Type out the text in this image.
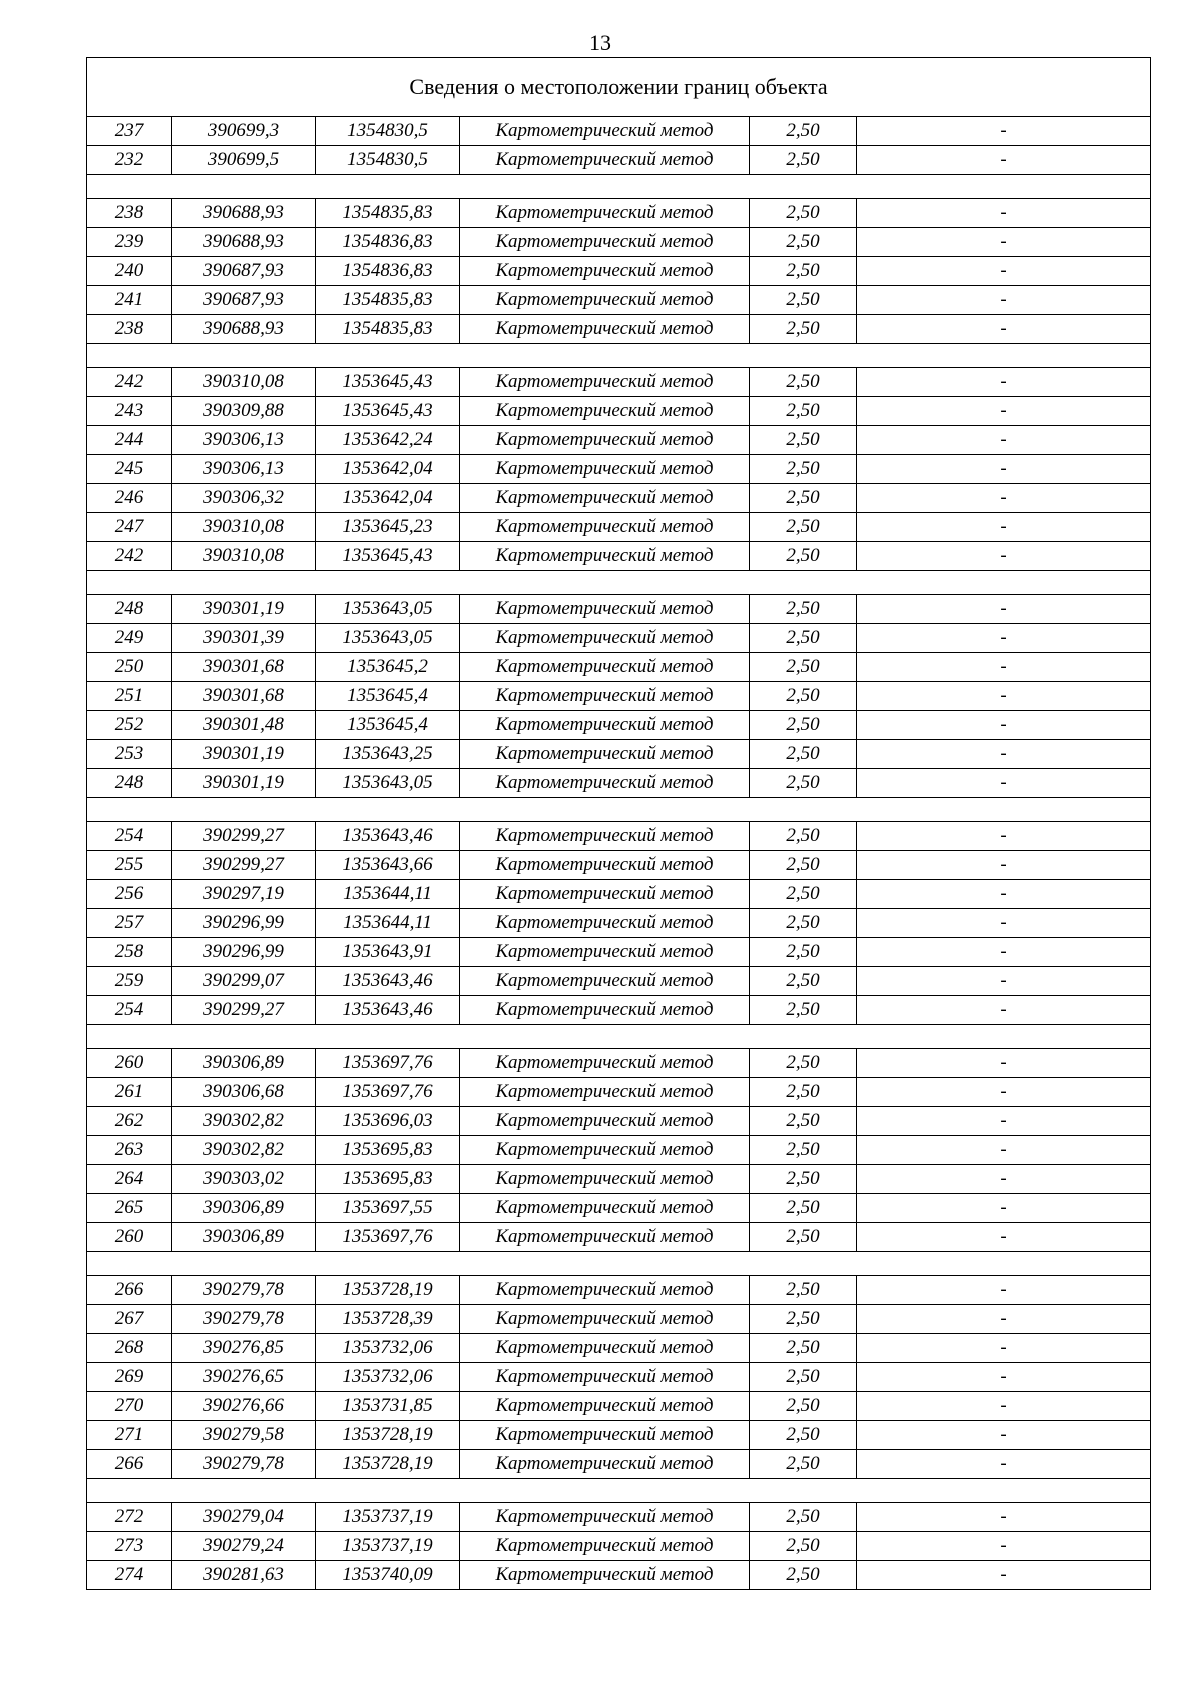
13
Сведения о местоположении границ объекта					
237	390699,3	1354830,5	Картометрический метод	2,50	-
232	390699,5	1354830,5	Картометрический метод	2,50	-

238	390688,93	1354835,83	Картометрический метод	2,50	-
239	390688,93	1354836,83	Картометрический метод	2,50	-
240	390687,93	1354836,83	Картометрический метод	2,50	-
241	390687,93	1354835,83	Картометрический метод	2,50	-
238	390688,93	1354835,83	Картометрический метод	2,50	-

242	390310,08	1353645,43	Картометрический метод	2,50	-
243	390309,88	1353645,43	Картометрический метод	2,50	-
244	390306,13	1353642,24	Картометрический метод	2,50	-
245	390306,13	1353642,04	Картометрический метод	2,50	-
246	390306,32	1353642,04	Картометрический метод	2,50	-
247	390310,08	1353645,23	Картометрический метод	2,50	-
242	390310,08	1353645,43	Картометрический метод	2,50	-

248	390301,19	1353643,05	Картометрический метод	2,50	-
249	390301,39	1353643,05	Картометрический метод	2,50	-
250	390301,68	1353645,2	Картометрический метод	2,50	-
251	390301,68	1353645,4	Картометрический метод	2,50	-
252	390301,48	1353645,4	Картометрический метод	2,50	-
253	390301,19	1353643,25	Картометрический метод	2,50	-
248	390301,19	1353643,05	Картометрический метод	2,50	-

254	390299,27	1353643,46	Картометрический метод	2,50	-
255	390299,27	1353643,66	Картометрический метод	2,50	-
256	390297,19	1353644,11	Картометрический метод	2,50	-
257	390296,99	1353644,11	Картометрический метод	2,50	-
258	390296,99	1353643,91	Картометрический метод	2,50	-
259	390299,07	1353643,46	Картометрический метод	2,50	-
254	390299,27	1353643,46	Картометрический метод	2,50	-

260	390306,89	1353697,76	Картометрический метод	2,50	-
261	390306,68	1353697,76	Картометрический метод	2,50	-
262	390302,82	1353696,03	Картометрический метод	2,50	-
263	390302,82	1353695,83	Картометрический метод	2,50	-
264	390303,02	1353695,83	Картометрический метод	2,50	-
265	390306,89	1353697,55	Картометрический метод	2,50	-
260	390306,89	1353697,76	Картометрический метод	2,50	-

266	390279,78	1353728,19	Картометрический метод	2,50	-
267	390279,78	1353728,39	Картометрический метод	2,50	-
268	390276,85	1353732,06	Картометрический метод	2,50	-
269	390276,65	1353732,06	Картометрический метод	2,50	-
270	390276,66	1353731,85	Картометрический метод	2,50	-
271	390279,58	1353728,19	Картометрический метод	2,50	-
266	390279,78	1353728,19	Картометрический метод	2,50	-

272	390279,04	1353737,19	Картометрический метод	2,50	-
273	390279,24	1353737,19	Картометрический метод	2,50	-
274	390281,63	1353740,09	Картометрический метод	2,50	-
